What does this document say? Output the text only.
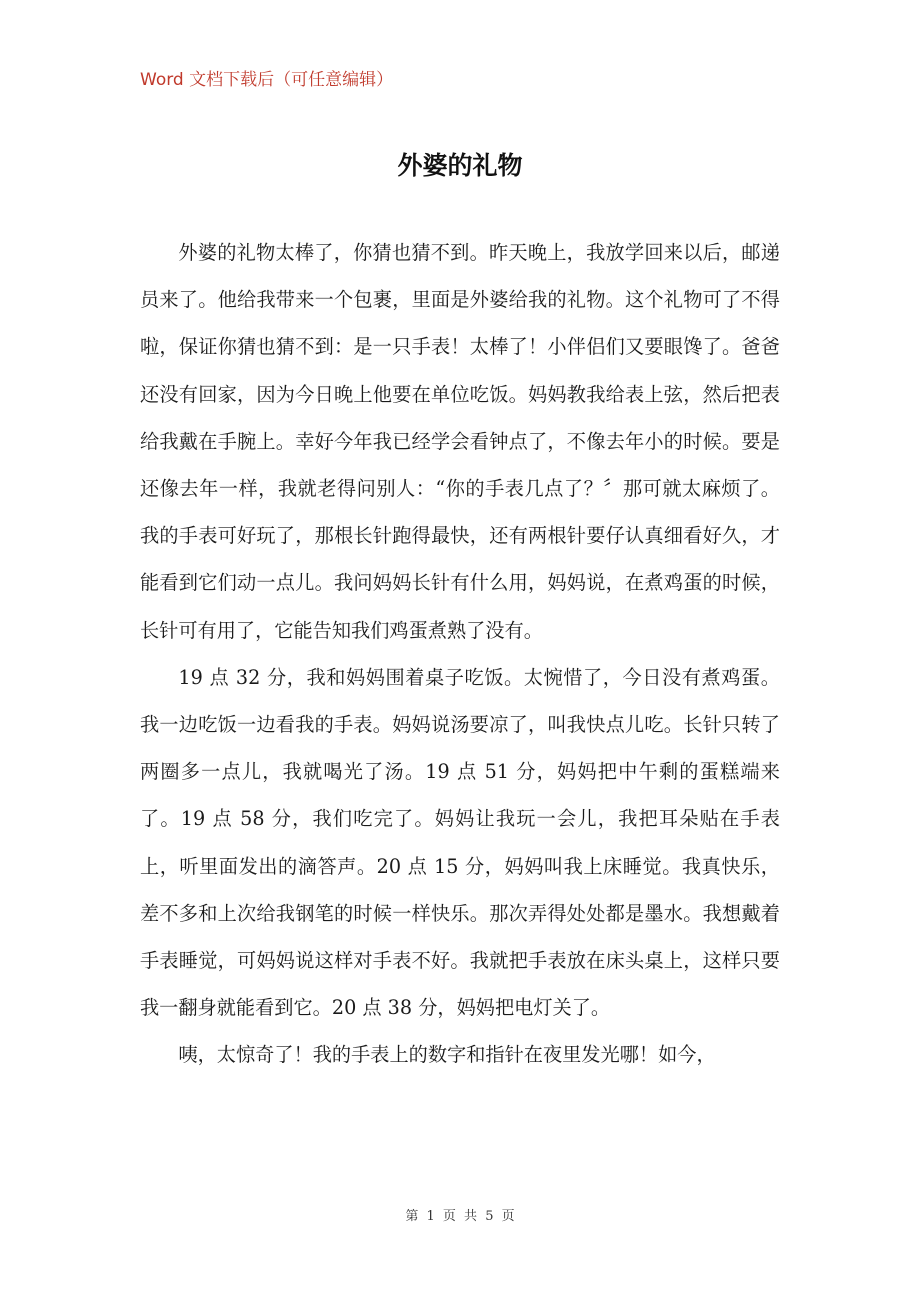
Word 文档下载后（可任意编辑）
外婆的礼物

外婆的礼物太棒了，你猜也猜不到。昨天晚上，我放学回来以后，邮递员来了。他给我带来一个包裹，里面是外婆给我的礼物。这个礼物可了不得啦，保证你猜也猜不到：是一只手表！太棒了！小伴侣们又要眼馋了。爸爸还没有回家，因为今日晚上他要在单位吃饭。妈妈教我给表上弦，然后把表给我戴在手腕上。幸好今年我已经学会看钟点了，不像去年小的时候。要是还像去年一样，我就老得问别人：“你的手表几点了？〞那可就太麻烦了。我的手表可好玩了，那根长针跑得最快，还有两根针要仔认真细看好久，才能看到它们动一点儿。我问妈妈长针有什么用，妈妈说，在煮鸡蛋的时候，长针可有用了，它能告知我们鸡蛋煮熟了没有。

19 点 32 分，我和妈妈围着桌子吃饭。太惋惜了，今日没有煮鸡蛋。我一边吃饭一边看我的手表。妈妈说汤要凉了，叫我快点儿吃。长针只转了两圈多一点儿，我就喝光了汤。19 点 51 分，妈妈把中午剩的蛋糕端来了。19 点 58 分，我们吃完了。妈妈让我玩一会儿，我把耳朵贴在手表上，听里面发出的滴答声。20 点 15 分，妈妈叫我上床睡觉。我真快乐，差不多和上次给我钢笔的时候一样快乐。那次弄得处处都是墨水。我想戴着手表睡觉，可妈妈说这样对手表不好。我就把手表放在床头桌上，这样只要我一翻身就能看到它。20 点 38 分，妈妈把电灯关了。

咦，太惊奇了！我的手表上的数字和指针在夜里发光哪！如今，

第 1 页 共 5 页
